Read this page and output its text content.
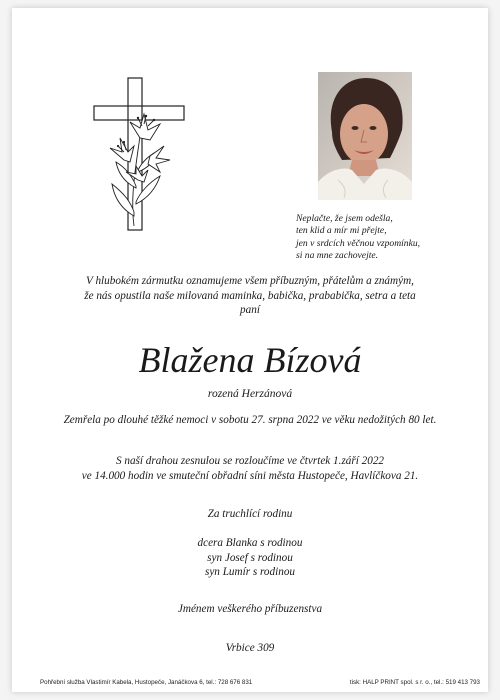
Neplačte, že jsem odešla,
ten klid a mír mi přejte,
jen v srdcích věčnou vzpomínku,
si na mne zachovejte.
V hlubokém zármutku oznamujeme všem příbuzným, přátelům a známým,
že nás opustila naše milovaná maminka, babička, prababička, setra a teta
paní
Blažena Bízová
rozená Herzánová
Zemřela po dlouhé těžké nemoci v sobotu 27. srpna 2022 ve věku nedožitých 80 let.
S naší drahou zesnulou se rozloučíme ve čtvrtek 1.září 2022
ve 14.000 hodin ve smuteční obřadní síni města Hustopeče, Havlíčkova 21.
Za truchlící rodinu
dcera Blanka s rodinou
syn Josef s rodinou
syn Lumír s rodinou
Jménem veškerého příbuzenstva
Vrbice 309
Pohřební služba Vlastimír Kabela, Hustopeče, Janáčkova 6, tel.: 728 676 831	tisk: HALP PRINT spol. s r. o., tel.: 519 413 793
